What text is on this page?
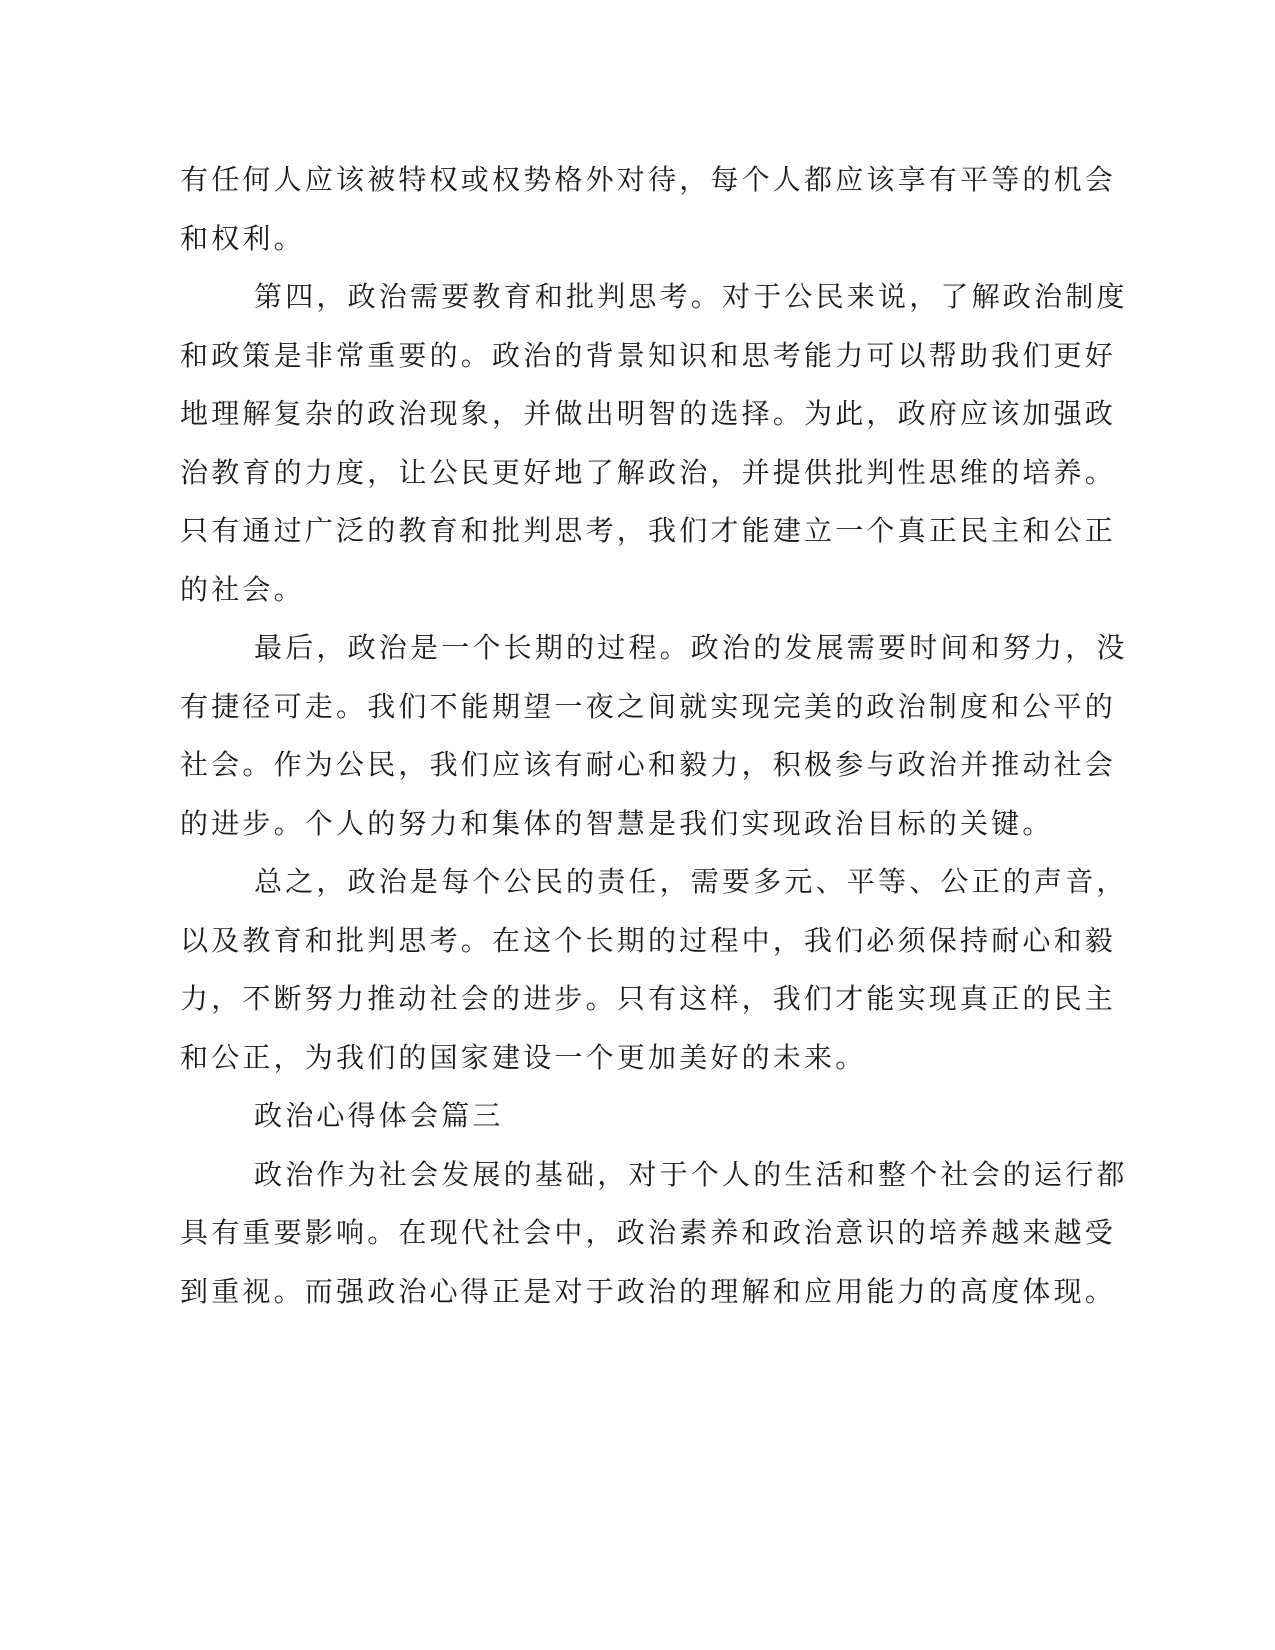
有任何人应该被特权或权势格外对待，每个人都应该享有平等的机会
和权利。
第四，政治需要教育和批判思考。对于公民来说，了解政治制度
和政策是非常重要的。政治的背景知识和思考能力可以帮助我们更好
地理解复杂的政治现象，并做出明智的选择。为此，政府应该加强政
治教育的力度，让公民更好地了解政治，并提供批判性思维的培养。
只有通过广泛的教育和批判思考，我们才能建立一个真正民主和公正
的社会。
最后，政治是一个长期的过程。政治的发展需要时间和努力，没
有捷径可走。我们不能期望一夜之间就实现完美的政治制度和公平的
社会。作为公民，我们应该有耐心和毅力，积极参与政治并推动社会
的进步。个人的努力和集体的智慧是我们实现政治目标的关键。
总之，政治是每个公民的责任，需要多元、平等、公正的声音，
以及教育和批判思考。在这个长期的过程中，我们必须保持耐心和毅
力，不断努力推动社会的进步。只有这样，我们才能实现真正的民主
和公正，为我们的国家建设一个更加美好的未来。
政治心得体会篇三
政治作为社会发展的基础，对于个人的生活和整个社会的运行都
具有重要影响。在现代社会中，政治素养和政治意识的培养越来越受
到重视。而强政治心得正是对于政治的理解和应用能力的高度体现。
